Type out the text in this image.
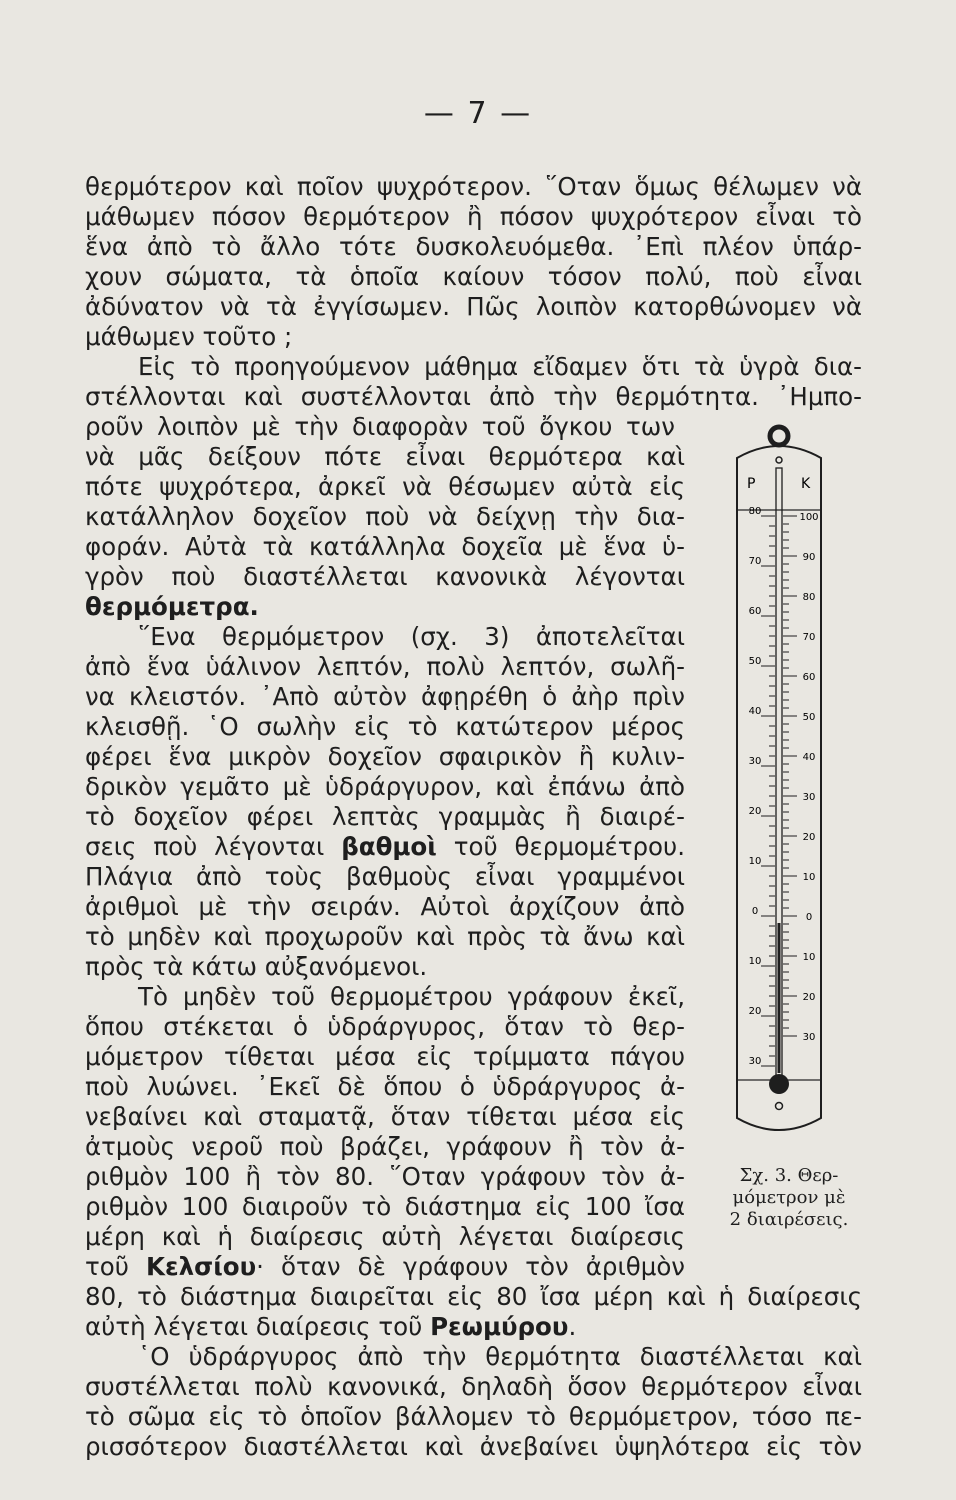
— 7 —

θερμότερον καὶ ποῖον ψυχρότερον. ῞Οταν ὅμως θέλωμεν νὰ

μάθωμεν πόσον θερμότερον ἢ πόσον ψυχρότερον εἶναι τὸ

ἕνα ἀπὸ τὸ ἄλλο τότε δυσκολευόμεθα. ᾽Επὶ πλέον ὑπάρ-

χουν σώματα, τὰ ὁποῖα καίουν τόσον πολύ, ποὺ εἶναι

ἀδύνατον νὰ τὰ ἐγγίσωμεν. Πῶς λοιπὸν κατορθώνομεν νὰ

μάθωμεν τοῦτο ;

Εἰς τὸ προηγούμενον μάθημα εἴδαμεν ὅτι τὰ ὑγρὰ δια-

στέλλονται καὶ συστέλλονται ἀπὸ τὴν θερμότητα. ᾽Ημπο-

ροῦν λοιπὸν μὲ τὴν διαφορὰν τοῦ ὄγκου των

νὰ μᾶς δείξουν πότε εἶναι θερμότερα καὶ

πότε ψυχρότερα, ἀρκεῖ νὰ θέσωμεν αὐτὰ εἰς

κατάλληλον δοχεῖον ποὺ νὰ δείχνῃ τὴν δια-

φοράν. Αὐτὰ τὰ κατάλληλα δοχεῖα μὲ ἕνα ὑ-

γρὸν ποὺ διαστέλλεται κανονικὰ λέγονται

θερμόμετρα.

῞Ενα θερμόμετρον (σχ. 3) ἀποτελεῖται

ἀπὸ ἕνα ὑάλινον λεπτόν, πολὺ λεπτόν, σωλῆ-

να κλειστόν. ᾽Απὸ αὐτὸν ἀφῃρέθη ὁ ἀὴρ πρὶν

κλεισθῇ. ῾Ο σωλὴν εἰς τὸ κατώτερον μέρος

φέρει ἕνα μικρὸν δοχεῖον σφαιρικὸν ἢ κυλιν-

δρικὸν γεμᾶτο μὲ ὑδράργυρον, καὶ ἐπάνω ἀπὸ

τὸ δοχεῖον φέρει λεπτὰς γραμμὰς ἢ διαιρέ-

σεις ποὺ λέγονται βαθμοὶ τοῦ θερμομέτρου.

Πλάγια ἀπὸ τοὺς βαθμοὺς εἶναι γραμμένοι

ἀριθμοὶ μὲ τὴν σειράν. Αὐτοὶ ἀρχίζουν ἀπὸ

τὸ μηδὲν καὶ προχωροῦν καὶ πρὸς τὰ ἄνω καὶ

πρὸς τὰ κάτω αὐξανόμενοι.

Τὸ μηδὲν τοῦ θερμομέτρου γράφουν ἐκεῖ,

ὅπου στέκεται ὁ ὑδράργυρος, ὅταν τὸ θερ-

μόμετρον τίθεται μέσα εἰς τρίμματα πάγου

ποὺ λυώνει. ᾽Εκεῖ δὲ ὅπου ὁ ὑδράργυρος ἀ-

νεβαίνει καὶ σταματᾷ, ὅταν τίθεται μέσα εἰς

ἀτμοὺς νεροῦ ποὺ βράζει, γράφουν ἢ τὸν ἀ-

ριθμὸν 100 ἢ τὸν 80. ῞Οταν γράφουν τὸν ἀ-

ριθμὸν 100 διαιροῦν τὸ διάστημα εἰς 100 ἴσα

μέρη καὶ ἡ διαίρεσις αὐτὴ λέγεται διαίρεσις

τοῦ Κελσίου· ὅταν δὲ γράφουν τὸν ἀριθμὸν

80, τὸ διάστημα διαιρεῖται εἰς 80 ἴσα μέρη καὶ ἡ διαίρεσις

αὐτὴ λέγεται διαίρεσις τοῦ Ρεωμύρου.

῾Ο ὑδράργυρος ἀπὸ τὴν θερμότητα διαστέλλεται καὶ

συστέλλεται πολὺ κανονικά, δηλαδὴ ὅσον θερμότερον εἶναι

τὸ σῶμα εἰς τὸ ὁποῖον βάλλομεν τὸ θερμόμετρον, τόσο πε-

ρισσότερον διαστέλλεται καὶ ἀνεβαίνει ὑψηλότερα εἰς τὸν

P	K
80
70
60
50
40
30
20
10
0
10
20
30
100
90
80
70
60
50
40
30
20
10
0
10
20
30
Σχ. 3. Θερ-
μόμετρον μὲ
2 διαιρέσεις.
